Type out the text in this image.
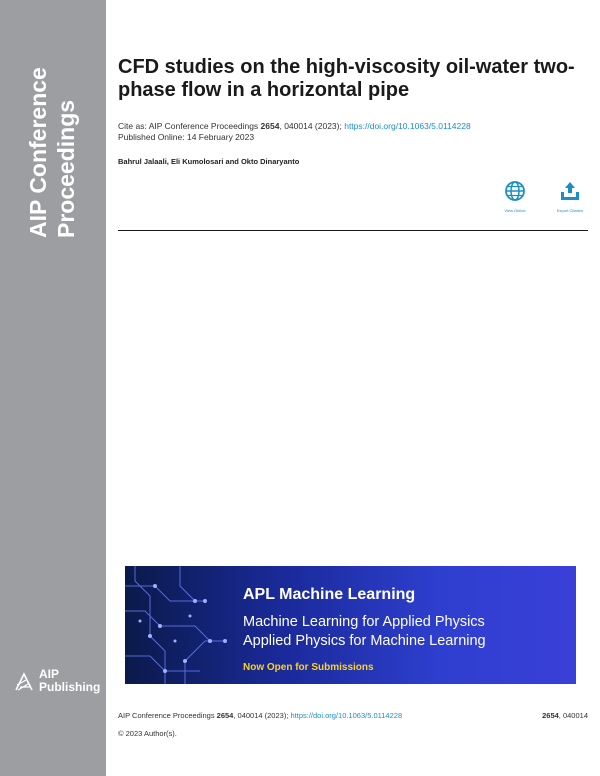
AIP Conference Proceedings
AIP
Publishing
CFD studies on the high-viscosity oil-water two-phase flow in a horizontal pipe
Cite as: AIP Conference Proceedings 2654, 040014 (2023); https://doi.org/10.1063/5.0114228
Published Online: 14 February 2023
Bahrul Jalaali, Eli Kumolosari and Okto Dinaryanto
View Online	Export Citation
APL Machine Learning
Machine Learning for Applied Physics
Applied Physics for Machine Learning
Now Open for Submissions
AIP Conference Proceedings 2654, 040014 (2023); https://doi.org/10.1063/5.0114228	2654, 040014
© 2023 Author(s).
